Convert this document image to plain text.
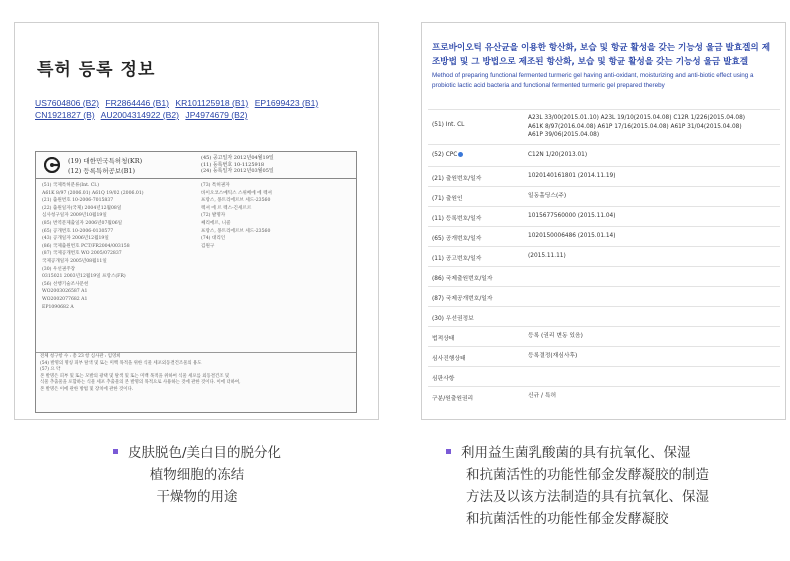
특허 등록 정보
US7604806 (B2) FR2864446 (B1) KR101125918 (B1) EP1699423 (B1) CN1921827 (B) AU2004314922 (B2) JP4974679 (B2)
(19) 대한민국특허청(KR)
(12) 등록특허공보(B1)
(45) 공고일자 2012년04월19일
(11) 등록번호 10-1125918
(24) 등록일자 2012년03월05일
(51) 국제특허분류(Int. Cl.)
A61K 8/97 (2006.01) A61Q 19/02 (2006.01)
(21) 출원번호 10-2006-7015837
(22) 출원일자(국제) 2004년12월08일
심사청구일자 2009년10월19일
(85) 번역문제출일자 2006년07월06일
(65) 공개번호 10-2006-0130577
(43) 공개일자 2006년12월19일
(86) 국제출원번호 PCT/FR2004/003158
(87) 국제공개번호 WO 2005/072837
국제공개일자 2005년08월11일
(30) 우선권주장
0315021 2003년12월19일 프랑스(FR)
(56) 선행기술조사문헌
WO2003026587 A1
WO2002077682 A1
EP1090682 A
(73) 특허권자
바이오코스메틱스 스위베에 에 렉셔
프랑스, 몽트리에르브 세드-23560
렉셔 에 르 렉스-긴세르르
(72) 발명자
쎄리에르, 니콜
프랑스, 몽트리에르브 세드-23560
(74) 대리인
김원구
전체 청구항 수 : 총 23 항 심사관 : 임영희
(54) 발명의 명칭 피부 탈색 및 또는 미백 목적을 위한 식물 세포외동결건조물의 용도
(57) 요 약
본 발명은 피부 및 또는 모발의 광택 및 탈색 및 또는 미백 목적을 위하여 식물 세포를 외동결건조 및
식물 추출물을 포함하는 식물 세포 추출물의 본 발명의 목적으로 사용하는 것에 관한 것이다. 이에 더하여,
본 발명은 이에 관한 방법 및 장치에 관한 것이다.
프로바이오틱 유산균을 이용한 항산화, 보습 및 항균 활성을 갖는 기능성 울금 발효겔의 제조방법 및 그 방법으로 제조된 항산화, 보습 및 항균 활성을 갖는 기능성 울금 발효겔
Method of preparing functional fermented turmeric gel having anti-oxidant, moisturizing and anti-biotic effect using a probiotic lactic acid bacteria and functional fermented turmeric gel prepared thereby
(51) Int. CL
A23L 33/00(2015.01.10) A23L 19/10(2015.04.08) C12R 1/226(2015.04.08)
A61K 8/97(2016.04.08) A61P 17/16(2015.04.08) A61P 31/04(2015.04.08)
A61P 39/06(2015.04.08)
(52) CPC	C12N 1/20(2013.01)
(21) 출원번호/일자	1020140161801 (2014.11.19)
(71) 출원인	일동홀딩스(주)
(11) 등록번호/일자	1015677560000 (2015.11.04)
(65) 공개번호/일자	1020150006486 (2015.01.14)
(11) 공고번호/일자	(2015.11.11)
(86) 국제출원번호/일자
(87) 국제공개번호/일자
(30) 우선권정보
법적상태	등록 (권리 변동 있음)
심사진행상태	등록결정(재심사후)
심판사항
구분/원출원권리	신규 / 특허
皮肤脱色/美白目的脱分化
植物细胞的冻结
干燥物的用途
利用益生菌乳酸菌的具有抗氧化、保湿
和抗菌活性的功能性郁金发酵凝胶的制造
方法及以该方法制造的具有抗氧化、保湿
和抗菌活性的功能性郁金发酵凝胶
